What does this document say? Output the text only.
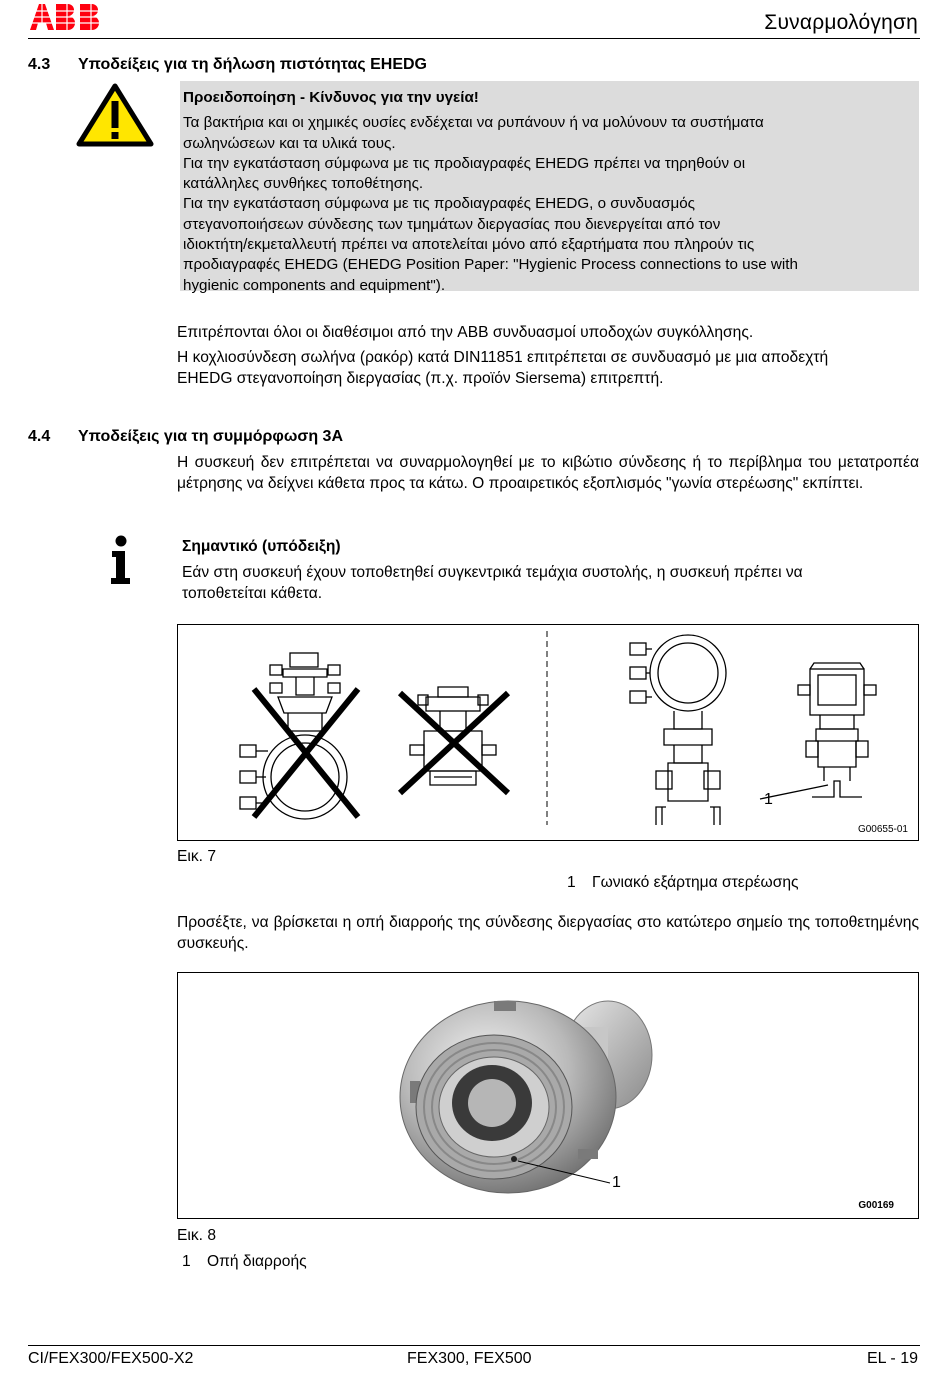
Συναρμολόγηση
4.3 Υποδείξεις για τη δήλωση πιστότητας EHEDG
Προειδοποίηση - Κίνδυνος για την υγεία!
Τα βακτήρια και οι χημικές ουσίες ενδέχεται να ρυπάνουν ή να μολύνουν τα συστήματα
σωληνώσεων και τα υλικά τους.
Για την εγκατάσταση σύμφωνα με τις προδιαγραφές EHEDG πρέπει να τηρηθούν οι
κατάλληλες συνθήκες τοποθέτησης.
Για την εγκατάσταση σύμφωνα με τις προδιαγραφές EHEDG, ο συνδυασμός
στεγανοποιήσεων σύνδεσης των τμημάτων διεργασίας που διενεργείται από τον
ιδιοκτήτη/εκμεταλλευτή πρέπει να αποτελείται μόνο από εξαρτήματα που πληρούν τις
προδιαγραφές EHEDG (EHEDG Position Paper: "Hygienic Process connections to use with
hygienic components and equipment").
Επιτρέπονται όλοι οι διαθέσιμοι από την ABB συνδυασμοί υποδοχών συγκόλλησης.
Η κοχλιοσύνδεση σωλήνα (ρακόρ) κατά DIN11851 επιτρέπεται σε συνδυασμό με μια αποδεχτή
EHEDG στεγανοποίηση διεργασίας (π.χ. προϊόν Siersema) επιτρεπτή.
4.4 Υποδείξεις για τη συμμόρφωση 3A
Η συσκευή δεν επιτρέπεται να συναρμολογηθεί με το κιβώτιο σύνδεσης ή το περίβλημα του μετατροπέα μέτρησης να δείχνει κάθετα προς τα κάτω. Ο προαιρετικός εξοπλισμός "γωνία στερέωσης" εκπίπτει.
Σημαντικό (υπόδειξη)
Εάν στη συσκευή έχουν τοποθετηθεί συγκεντρικά τεμάχια συστολής, η συσκευή πρέπει να
τοποθετείται κάθετα.
1
G00655-01
Εικ. 7
1 Γωνιακό εξάρτημα στερέωσης
Προσέξτε, να βρίσκεται η οπή διαρροής της σύνδεσης διεργασίας στο κατώτερο σημείο της τοποθετημένης συσκευής.
1
G00169
Εικ. 8
1 Οπή διαρροής
CI/FEX300/FEX500-X2	FEX300, FEX500	EL - 19
